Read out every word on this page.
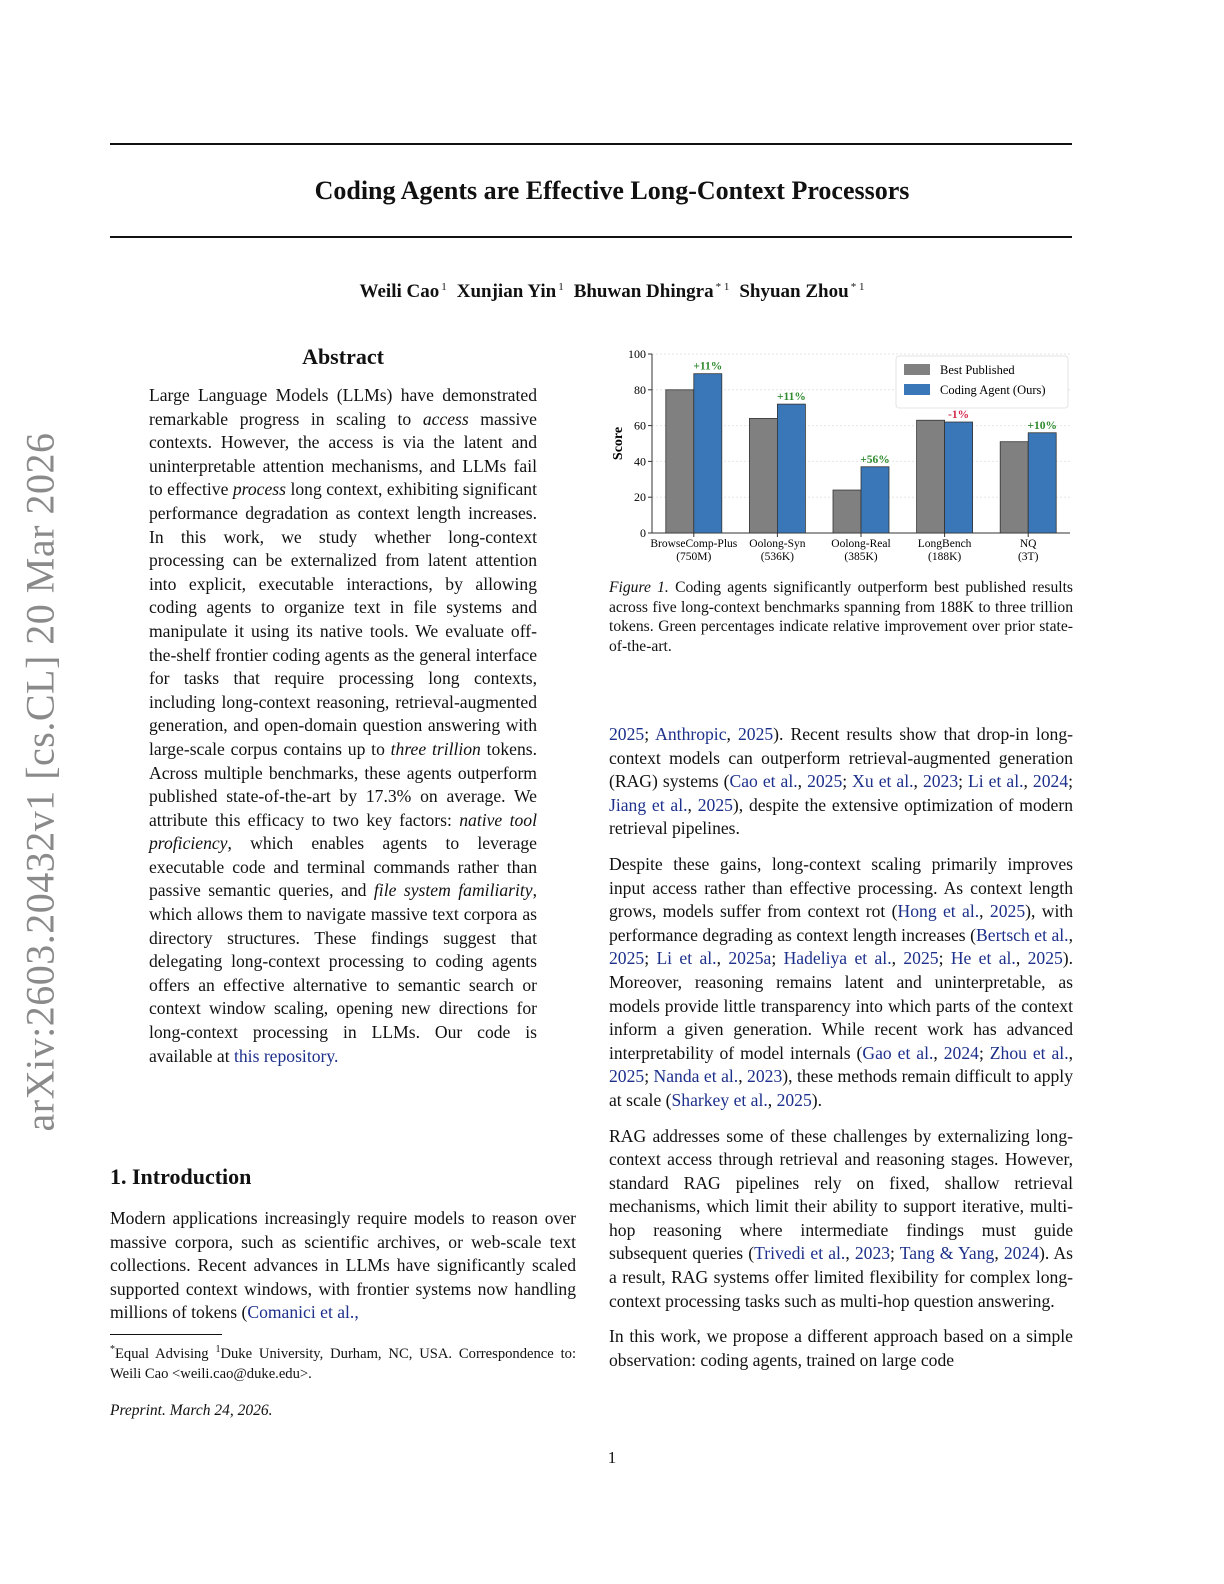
Coding Agents are Effective Long-Context Processors
Weili Cao $^1$ Xunjian Yin $^1$ Bhuwan Dhingra $^{* 1}$ Shyuan Zhou $^{* 1}$
arXiv:2603.20432v1 [cs.CL] 20 Mar 2026
Abstract
Large Language Models (LLMs) have demonstrated remarkable progress in scaling to access massive contexts. However, the access is via the latent and uninterpretable attention mechanisms, and LLMs fail to effective process long context, exhibiting significant performance degradation as context length increases. In this work, we study whether long-context processing can be externalized from latent attention into explicit, executable interactions, by allowing coding agents to organize text in file systems and manipulate it using its native tools. We evaluate off-the-shelf frontier coding agents as the general interface for tasks that require processing long contexts, including long-context reasoning, retrieval-augmented generation, and open-domain question answering with large-scale corpus contains up to three trillion tokens. Across multiple benchmarks, these agents outperform published state-of-the-art by 17.3% on average. We attribute this efficacy to two key factors: native tool proficiency, which enables agents to leverage executable code and terminal commands rather than passive semantic queries, and file system familiarity, which allows them to navigate massive text corpora as directory structures. These findings suggest that delegating long-context processing to coding agents offers an effective alternative to semantic search or context window scaling, opening new directions for long-context processing in LLMs. Our code is available at this repository.
1. Introduction
Modern applications increasingly require models to reason over massive corpora, such as scientific archives, or web-scale text collections. Recent advances in LLMs have significantly scaled supported context windows, with frontier systems now handling millions of tokens (Comanici et al.,
*Equal Advising $^1$Duke University, Durham, NC, USA. Correspondence to: Weili Cao <weili.cao@duke.edu>.
Preprint. March 24, 2026.
0
20
40
60
80
100
Score
+11%
BrowseComp-Plus
(750M)
+11%
Oolong-Syn
(536K)
+56%
Oolong-Real
(385K)
-1%
LongBench
(188K)
+10%
NQ
(3T)
Best Published
Coding Agent (Ours)
Figure 1. Coding agents significantly outperform best published results across five long-context benchmarks spanning from 188K to three trillion tokens. Green percentages indicate relative improvement over prior state-of-the-art.

2025; Anthropic, 2025). Recent results show that drop-in long-context models can outperform retrieval-augmented generation (RAG) systems (Cao et al., 2025; Xu et al., 2023; Li et al., 2024; Jiang et al., 2025), despite the extensive optimization of modern retrieval pipelines.

Despite these gains, long-context scaling primarily improves input access rather than effective processing. As context length grows, models suffer from context rot (Hong et al., 2025), with performance degrading as context length increases (Bertsch et al., 2025; Li et al., 2025a; Hadeliya et al., 2025; He et al., 2025). Moreover, reasoning remains latent and uninterpretable, as models provide little transparency into which parts of the context inform a given generation. While recent work has advanced interpretability of model internals (Gao et al., 2024; Zhou et al., 2025; Nanda et al., 2023), these methods remain difficult to apply at scale (Sharkey et al., 2025).

RAG addresses some of these challenges by externalizing long-context access through retrieval and reasoning stages. However, standard RAG pipelines rely on fixed, shallow retrieval mechanisms, which limit their ability to support iterative, multi-hop reasoning where intermediate findings must guide subsequent queries (Trivedi et al., 2023; Tang & Yang, 2024). As a result, RAG systems offer limited flexibility for complex long-context processing tasks such as multi-hop question answering.

In this work, we propose a different approach based on a simple observation: coding agents, trained on large code

1
